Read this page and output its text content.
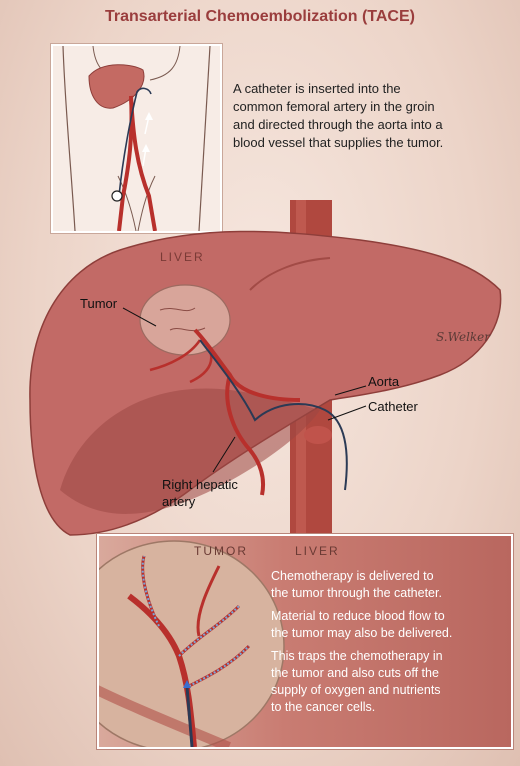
Transarterial Chemoembolization (TACE)
A catheter is inserted into the
common femoral artery in the groin
and directed through the aorta into a
blood vessel that supplies the tumor.
LIVER
Tumor
Aorta
Catheter
Right hepatic
artery
S.Welker
TUMOR	LIVER
Chemotherapy is delivered to
the tumor through the catheter.
Material to reduce blood flow to
the tumor may also be delivered.
This traps the chemotherapy in
the tumor and also cuts off the
supply of oxygen and nutrients
to the cancer cells.
